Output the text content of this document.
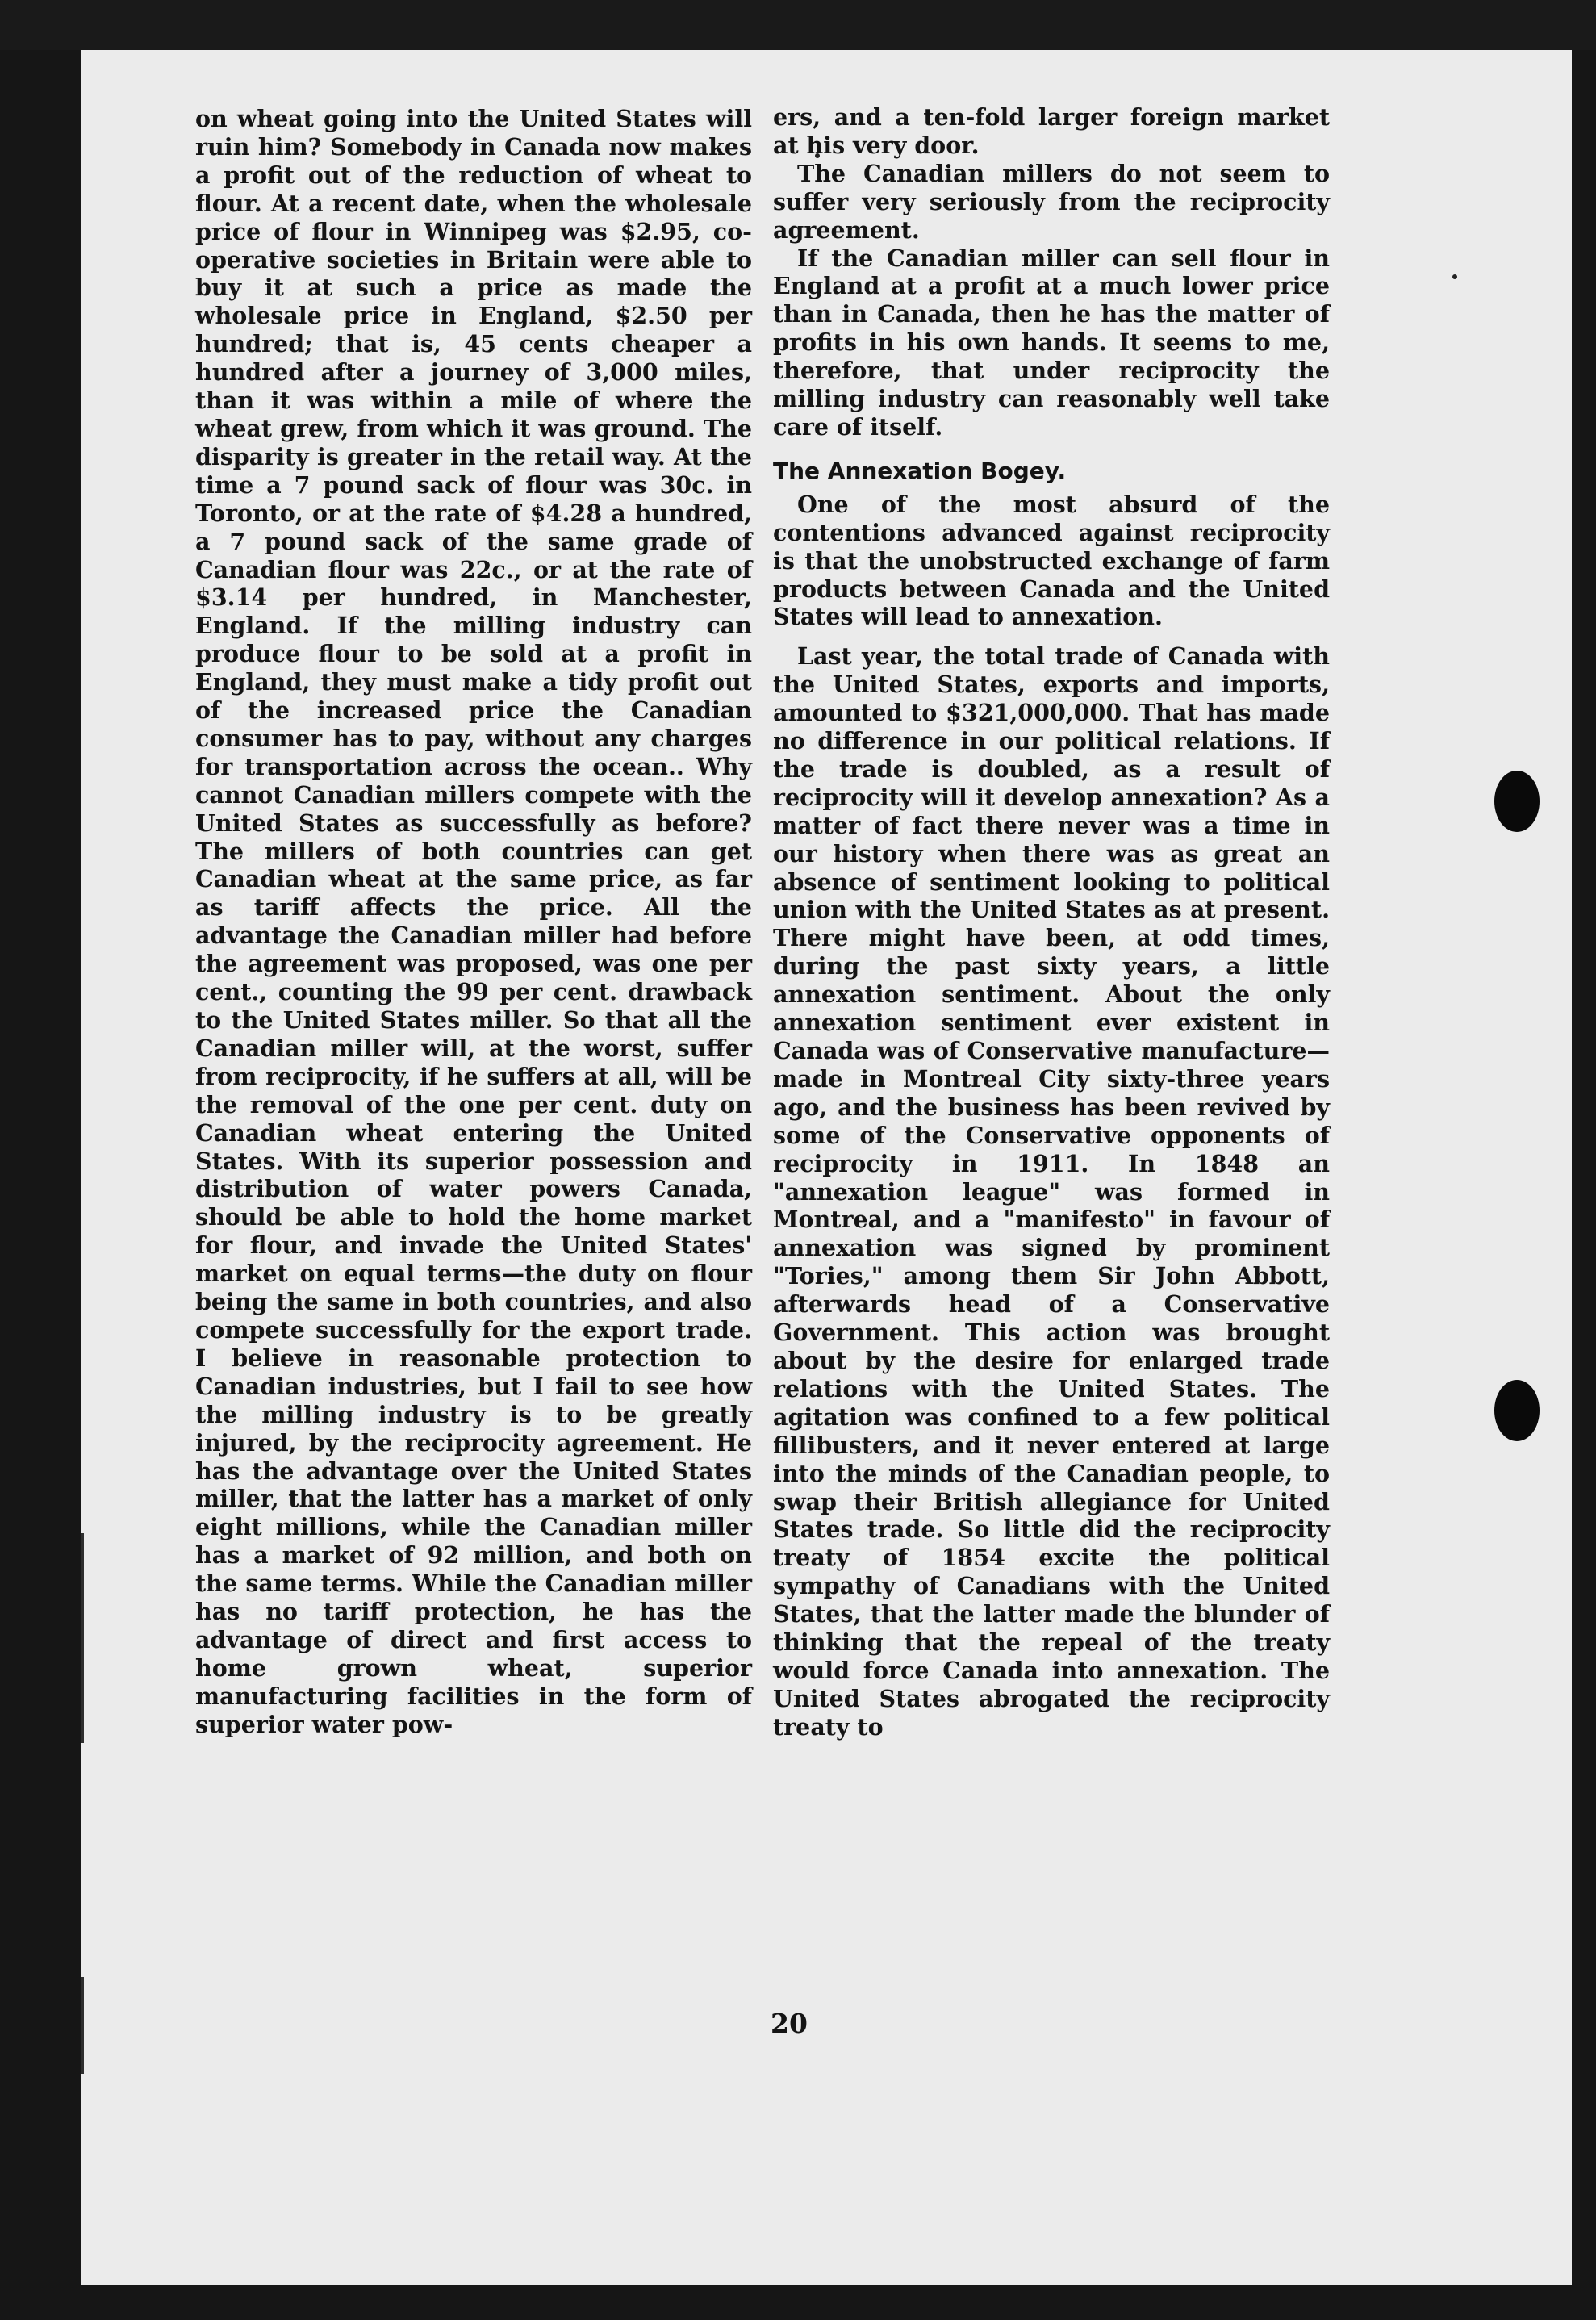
on wheat going into the United States will ruin him? Somebody in Canada now makes a profit out of the reduction of wheat to flour. At a recent date, when the wholesale price of flour in Winnipeg was $2.95, co-operative societies in Britain were able to buy it at such a price as made the wholesale price in England, $2.50 per hundred; that is, 45 cents cheaper a hundred after a journey of 3,000 miles, than it was within a mile of where the wheat grew, from which it was ground. The disparity is greater in the retail way. At the time a 7 pound sack of flour was 30c. in Toronto, or at the rate of $4.28 a hundred, a 7 pound sack of the same grade of Canadian flour was 22c., or at the rate of $3.14 per hundred, in Manchester, England. If the milling industry can produce flour to be sold at a profit in England, they must make a tidy profit out of the increased price the Canadian consumer has to pay, without any charges for transportation across the ocean.. Why cannot Canadian millers compete with the United States as successfully as before? The millers of both countries can get Canadian wheat at the same price, as far as tariff affects the price. All the advantage the Canadian miller had before the agreement was proposed, was one per cent., counting the 99 per cent. drawback to the United States miller. So that all the Canadian miller will, at the worst, suffer from reciprocity, if he suffers at all, will be the removal of the one per cent. duty on Canadian wheat entering the United States. With its superior possession and distribution of water powers Canada, should be able to hold the home market for flour, and invade the United States' market on equal terms—the duty on flour being the same in both countries, and also compete successfully for the export trade. I believe in reasonable protection to Canadian industries, but I fail to see how the milling industry is to be greatly injured, by the reciprocity agreement. He has the advantage over the United States miller, that the latter has a market of only eight millions, while the Canadian miller has a market of 92 million, and both on the same terms. While the Canadian miller has no tariff protection, he has the advantage of direct and first access to home grown wheat, superior manufacturing facilities in the form of superior water pow-

ers, and a ten-fold larger foreign market at his very door.

The Canadian millers do not seem to suffer very seriously from the reciprocity agreement.

If the Canadian miller can sell flour in England at a profit at a much lower price than in Canada, then he has the matter of profits in his own hands. It seems to me, therefore, that under reciprocity the milling industry can reasonably well take care of itself.

The Annexation Bogey.

One of the most absurd of the contentions advanced against reciprocity is that the unobstructed exchange of farm products between Canada and the United States will lead to annexation.

Last year, the total trade of Canada with the United States, exports and imports, amounted to $321,000,000. That has made no difference in our political relations. If the trade is doubled, as a result of reciprocity will it develop annexation? As a matter of fact there never was a time in our history when there was as great an absence of sentiment looking to political union with the United States as at present. There might have been, at odd times, during the past sixty years, a little annexation sentiment. About the only annexation sentiment ever existent in Canada was of Conservative manufacture—made in Montreal City sixty-three years ago, and the business has been revived by some of the Conservative opponents of reciprocity in 1911. In 1848 an "annexation league" was formed in Montreal, and a "manifesto" in favour of annexation was signed by prominent "Tories," among them Sir John Abbott, afterwards head of a Conservative Government. This action was brought about by the desire for enlarged trade relations with the United States. The agitation was confined to a few political fillibusters, and it never entered at large into the minds of the Canadian people, to swap their British allegiance for United States trade. So little did the reciprocity treaty of 1854 excite the political sympathy of Canadians with the United States, that the latter made the blunder of thinking that the repeal of the treaty would force Canada into annexation. The United States abrogated the reciprocity treaty to

20
